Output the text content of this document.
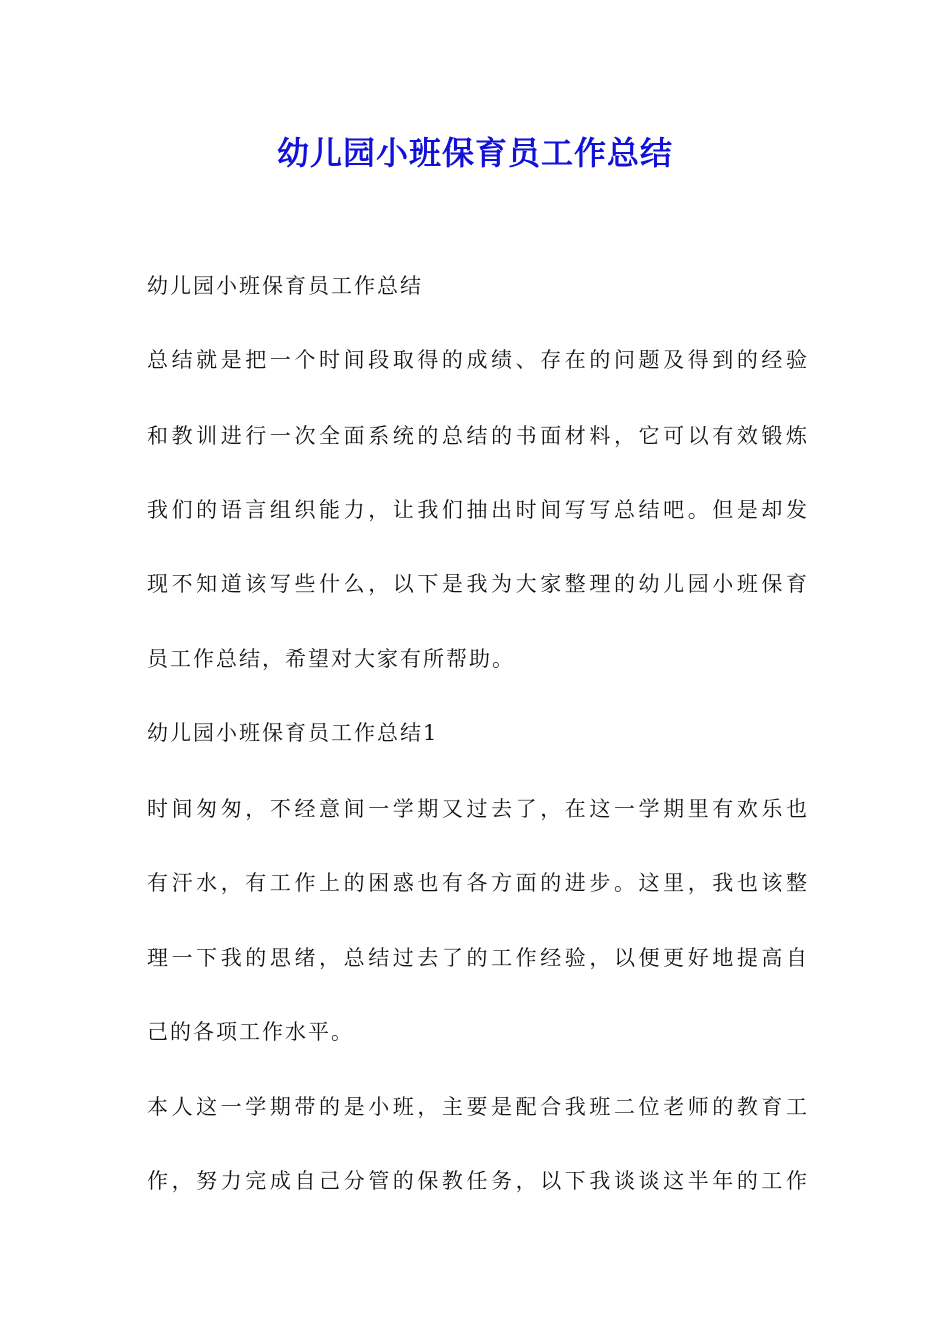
幼儿园小班保育员工作总结

幼儿园小班保育员工作总结

总结就是把一个时间段取得的成绩、存在的问题及得到的经验

和教训进行一次全面系统的总结的书面材料，它可以有效锻炼

我们的语言组织能力，让我们抽出时间写写总结吧。但是却发

现不知道该写些什么，以下是我为大家整理的幼儿园小班保育

员工作总结，希望对大家有所帮助。

幼儿园小班保育员工作总结1

时间匆匆，不经意间一学期又过去了，在这一学期里有欢乐也

有汗水，有工作上的困惑也有各方面的进步。这里，我也该整

理一下我的思绪，总结过去了的工作经验，以便更好地提高自

己的各项工作水平。

本人这一学期带的是小班，主要是配合我班二位老师的教育工

作，努力完成自己分管的保教任务，以下我谈谈这半年的工作
